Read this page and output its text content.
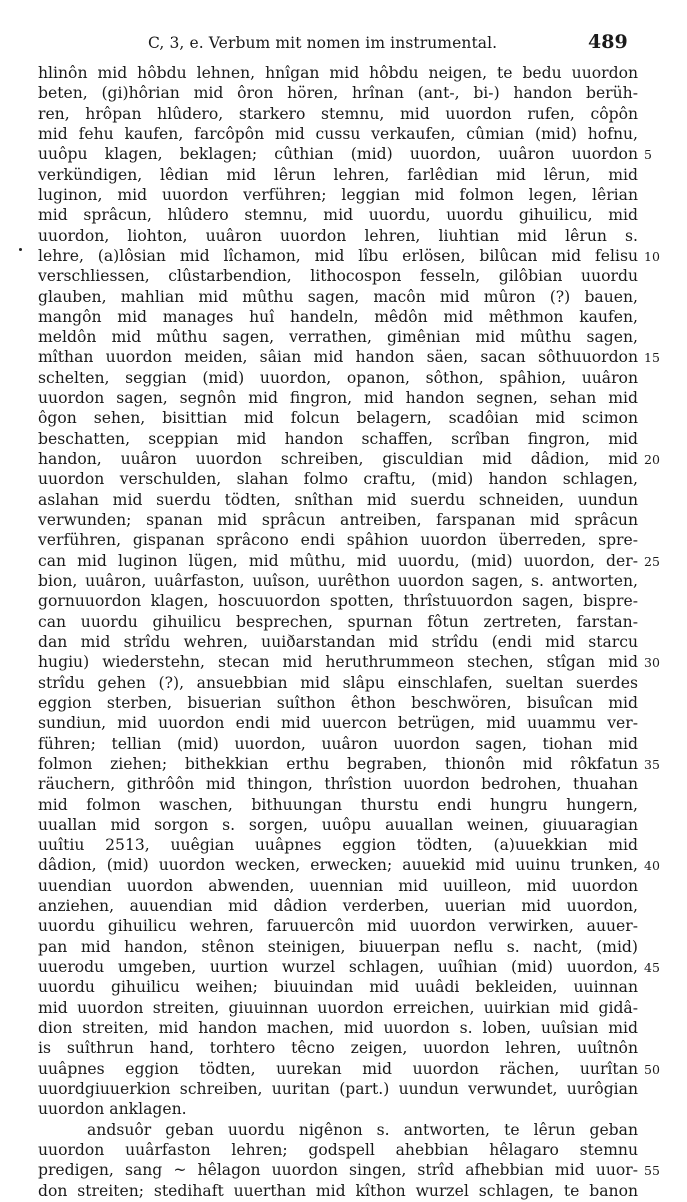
C, 3, e. Verbum mit nomen im instrumental.	489
hlinôn mid hôbdu lehnen, hnîgan mid hôbdu neigen, te bedu uuordon
beten, (gi)hôrian mid ôron hören, hrînan (ant-, bi-) handon berüh-
ren, hrôpan hlûdero, starkero stemnu, mid uuordon rufen, côpôn
mid fehu kaufen, farcôpôn mid cussu verkaufen, cûmian (mid) hofnu,
uuôpu klagen, beklagen; cûthian (mid) uuordon, uuâron uuordon 5
verkündigen, lêdian mid lêrun lehren, farlêdian mid lêrun, mid
luginon, mid uuordon verführen; leggian mid folmon legen, lêrian
mid sprâcun, hlûdero stemnu, mid uuordu, uuordu gihuilicu, mid
uuordon, liohton, uuâron uuordon lehren, liuhtian mid lêrun s.
lehre, (a)lôsian mid lîchamon, mid lîbu erlösen, bilûcan mid felisu 10
verschliessen, clûstarbendion, lithocospon fesseln, gilôbian uuordu
glauben, mahlian mid mûthu sagen, macôn mid mûron (?) bauen,
mangôn mid manages huî handeln, mêdôn mid mêthmon kaufen,
meldôn mid mûthu sagen, verrathen, gimênian mid mûthu sagen,
mîthan uuordon meiden, sâian mid handon säen, sacan sôthuuordon 15
schelten, seggian (mid) uuordon, opanon, sôthon, spâhion, uuâron
uuordon sagen, segnôn mid fingron, mid handon segnen, sehan mid
ôgon sehen, bisittian mid folcun belagern, scadôian mid scimon
beschatten, sceppian mid handon schaffen, scrîban fingron, mid
handon, uuâron uuordon schreiben, gisculdian mid dâdion, mid 20
uuordon verschulden, slahan folmo craftu, (mid) handon schlagen,
aslahan mid suerdu tödten, snîthan mid suerdu schneiden, uundun
verwunden; spanan mid sprâcun antreiben, farspanan mid sprâcun
verführen, gispanan sprâcono endi spâhion uuordon überreden, spre-
can mid luginon lügen, mid mûthu, mid uuordu, (mid) uuordon, der- 25
bion, uuâron, uuârfaston, uuîson, uurêthon uuordon sagen, s. antworten,
gornuuordon klagen, hoscuuordon spotten, thrîstuuordon sagen, bispre-
can uuordu gihuilicu besprechen, spurnan fôtun zertreten, farstan-
dan mid strîdu wehren, uuiðarstandan mid strîdu (endi mid starcu
hugiu) wiederstehn, stecan mid heruthrummeon stechen, stîgan mid 30
strîdu gehen (?), ansuebbian mid slâpu einschlafen, sueltan suerdes
eggion sterben, bisuerian suîthon êthon beschwören, bisuîcan mid
sundiun, mid uuordon endi mid uuercon betrügen, mid uuammu ver-
führen; tellian (mid) uuordon, uuâron uuordon sagen, tiohan mid
folmon ziehen; bithekkian erthu begraben, thionôn mid rôkfatun 35
räuchern, githrôôn mid thingon, thrîstion uuordon bedrohen, thuahan
mid folmon waschen, bithuungan thurstu endi hungru hungern,
uuallan mid sorgon s. sorgen, uuôpu auuallan weinen, giuuaragian
uuîtiu 2513, uuêgian uuâpnes eggion tödten, (a)uuekkian mid
dâdion, (mid) uuordon wecken, erwecken; auuekid mid uuinu trunken, 40
uuendian uuordon abwenden, uuennian mid uuilleon, mid uuordon
anziehen, auuendian mid dâdion verderben, uuerian mid uuordon,
uuordu gihuilicu wehren, faruuercôn mid uuordon verwirken, auuer-
pan mid handon, stênon steinigen, biuuerpan neflu s. nacht, (mid)
uuerodu umgeben, uurtion wurzel schlagen, uuîhian (mid) uuordon, 45
uuordu gihuilicu weihen; biuuindan mid uuâdi bekleiden, uuinnan
mid uuordon streiten, giuuinnan uuordon erreichen, uuirkian mid gidâ-
dion streiten, mid handon machen, mid uuordon s. loben, uuîsian mid
is suîthrun hand, torhtero têcno zeigen, uuordon lehren, uuîtnôn
uuâpnes eggion tödten, uurekan mid uuordon rächen, uurîtan 50
uuordgiuuerkion schreiben, uuritan (part.) uundun verwundet, uurôgian
uuordon anklagen.
andsuôr geban uuordu nigênon s. antworten, te lêrun geban
uuordon uuârfaston lehren; godspell ahebbian hêlagaro stemnu
predigen, sang ~ hêlagon uuordon singen, strîd afhebbian mid uuor- 55
don streiten; stedihaft uuerthan mid kîthon wurzel schlagen, te banon
